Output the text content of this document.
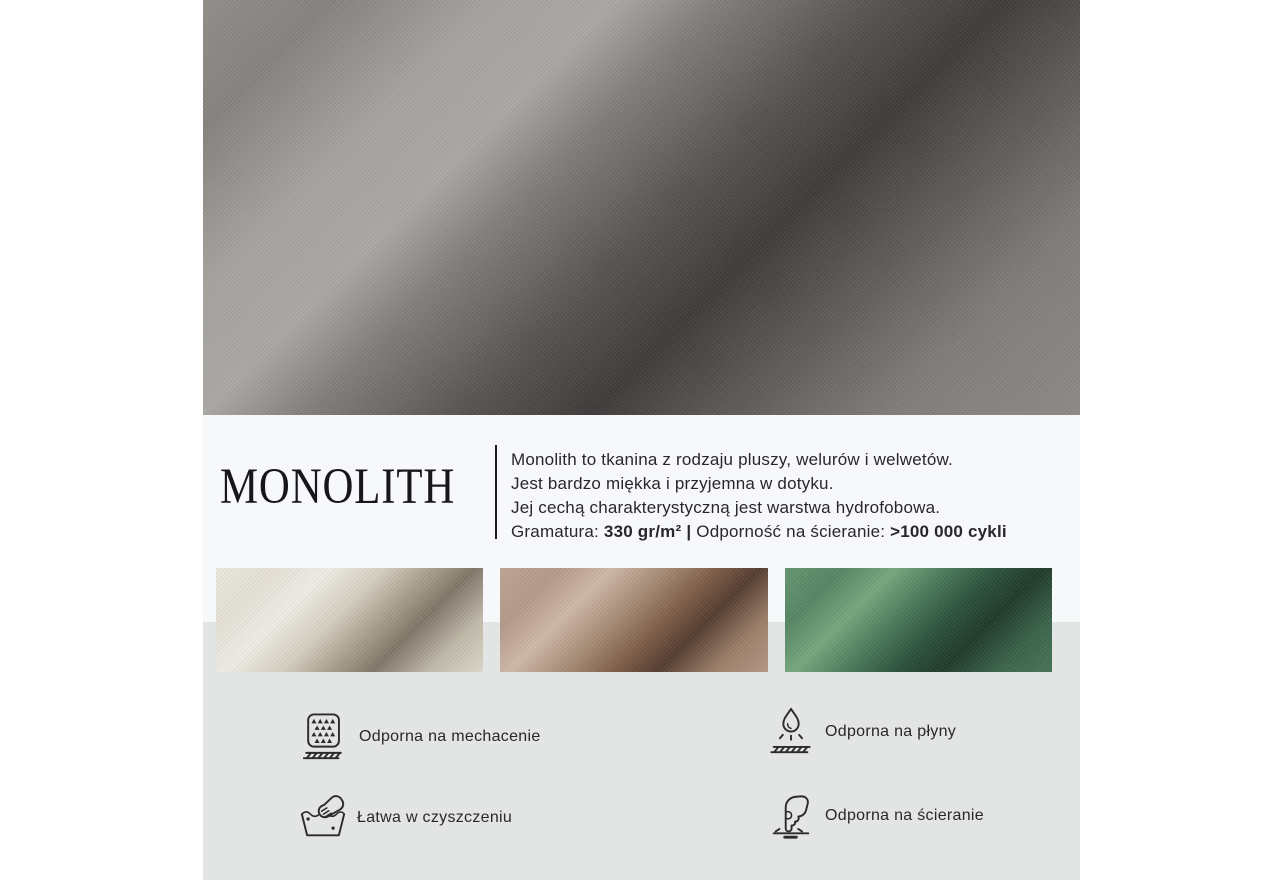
MONOLITH	Monolith to tkanina z rodzaju pluszy, welurów i welwetów.

Jest bardzo miękka i przyjemna w dotyku.

Jej cechą charakterystyczną jest warstwa hydrofobowa.

Gramatura: 330 gr/m² | Odporność na ścieranie: >100 000 cykli

Odporna na mechacenie	Odporna na płyny
Łatwa w czyszczeniu	Odporna na ścieranie
